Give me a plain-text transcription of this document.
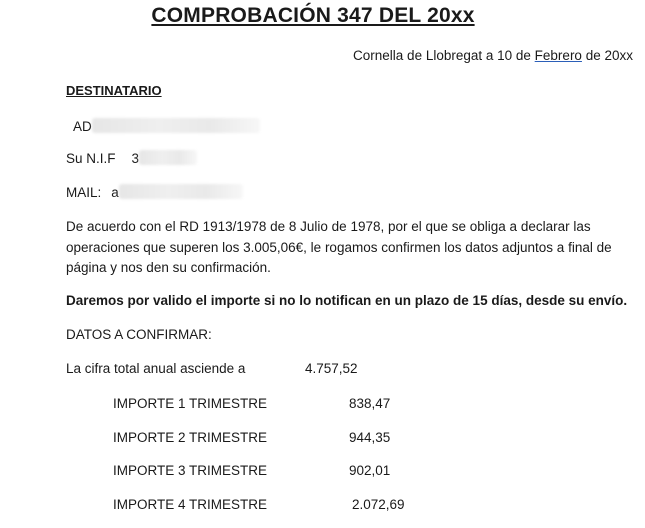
COMPROBACIÓN 347 DEL 20xx
Cornella de Llobregat a 10 de Febrero de 20xx
DESTINATARIO
AD
Su N.I.F 3
MAIL: a
De acuerdo con el RD 1913/1978 de 8 Julio de 1978, por el que se obliga a declarar las operaciones que superen los 3.005,06€, le rogamos confirmen los datos adjuntos a final de página y nos den su confirmación.
Daremos por valido el importe si no lo notifican en un plazo de 15 días, desde su envío.
DATOS A CONFIRMAR:
La cifra total anual asciende a	4.757,52
IMPORTE 1 TRIMESTRE	838,47
IMPORTE 2 TRIMESTRE	944,35
IMPORTE 3 TRIMESTRE	902,01
IMPORTE 4 TRIMESTRE	2.072,69
